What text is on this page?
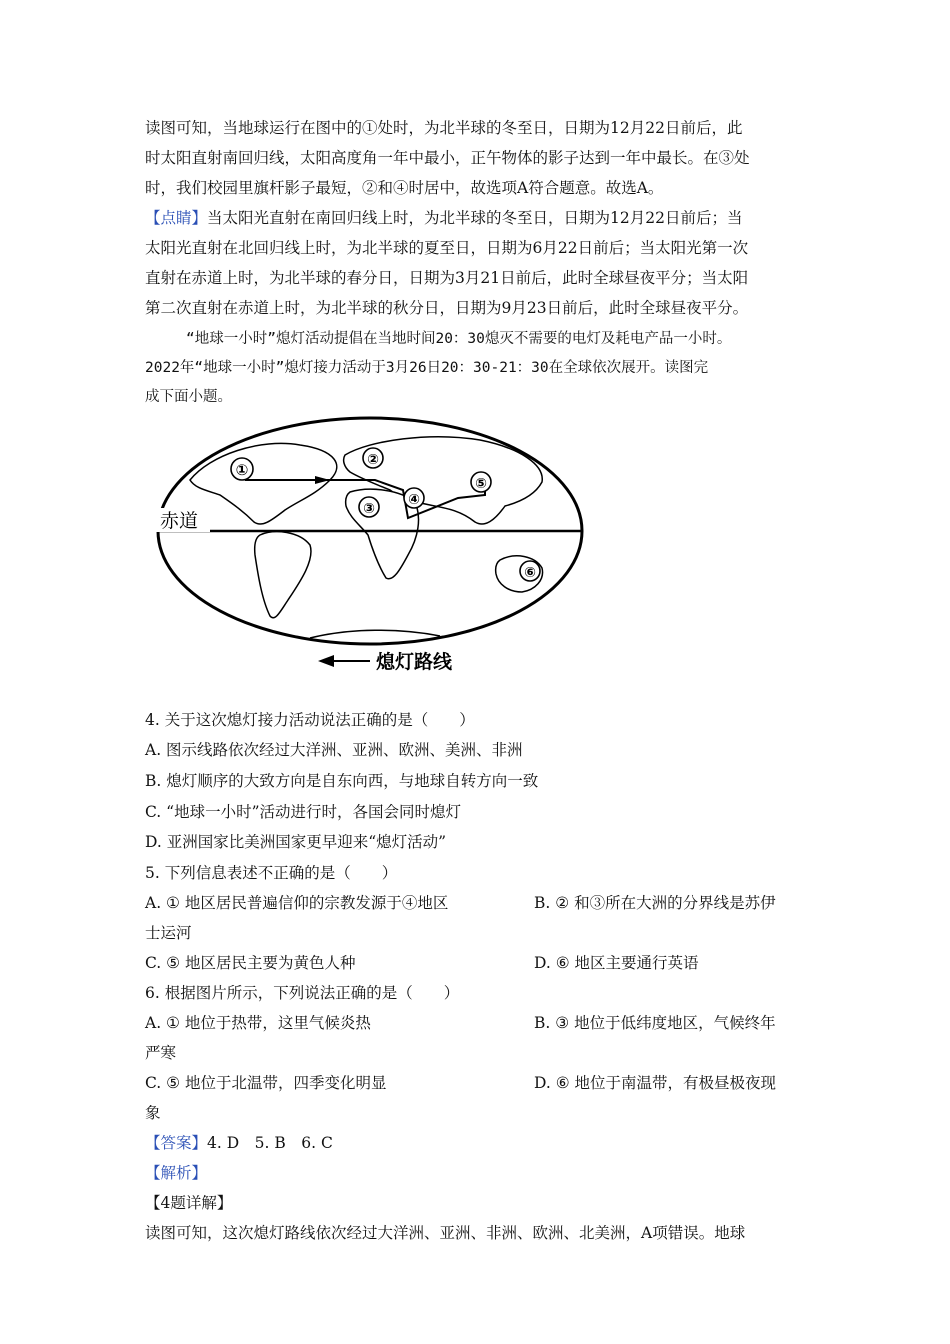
读图可知，当地球运行在图中的①处时，为北半球的冬至日，日期为12月22日前后，此
时太阳直射南回归线，太阳高度角一年中最小，正午物体的影子达到一年中最长。在③处
时，我们校园里旗杆影子最短，②和④时居中，故选项A符合题意。故选A。
【点睛】当太阳光直射在南回归线上时，为北半球的冬至日，日期为12月22日前后；当
太阳光直射在北回归线上时，为北半球的夏至日，日期为6月22日前后；当太阳光第一次
直射在赤道上时，为北半球的春分日，日期为3月21日前后，此时全球昼夜平分；当太阳
第二次直射在赤道上时，为北半球的秋分日，日期为9月23日前后，此时全球昼夜平分。
“地球一小时”熄灯活动提倡在当地时间20：30熄灭不需要的电灯及耗电产品一小时。
2022年“地球一小时”熄灯接力活动于3月26日20：30-21：30在全球依次展开。读图完
成下面小题。
赤道
①
②
③
④
⑤
⑥
熄灯路线
4. 关于这次熄灯接力活动说法正确的是（　　）
A. 图示线路依次经过大洋洲、亚洲、欧洲、美洲、非洲
B. 熄灯顺序的大致方向是自东向西，与地球自转方向一致
C. “地球一小时”活动进行时，各国会同时熄灯
D. 亚洲国家比美洲国家更早迎来“熄灯活动”
5. 下列信息表述不正确的是（　　）
A. ① 地区居民普遍信仰的宗教发源于④地区	B. ② 和③所在大洲的分界线是苏伊
士运河
C. ⑤ 地区居民主要为黄色人种	D. ⑥ 地区主要通行英语
6. 根据图片所示，下列说法正确的是（　　）
A. ① 地位于热带，这里气候炎热	B. ③ 地位于低纬度地区，气候终年
严寒
C. ⑤ 地位于北温带，四季变化明显	D. ⑥ 地位于南温带，有极昼极夜现
象
【答案】4. D　5. B　6. C
【解析】
【4题详解】
读图可知，这次熄灯路线依次经过大洋洲、亚洲、非洲、欧洲、北美洲，A项错误。地球
